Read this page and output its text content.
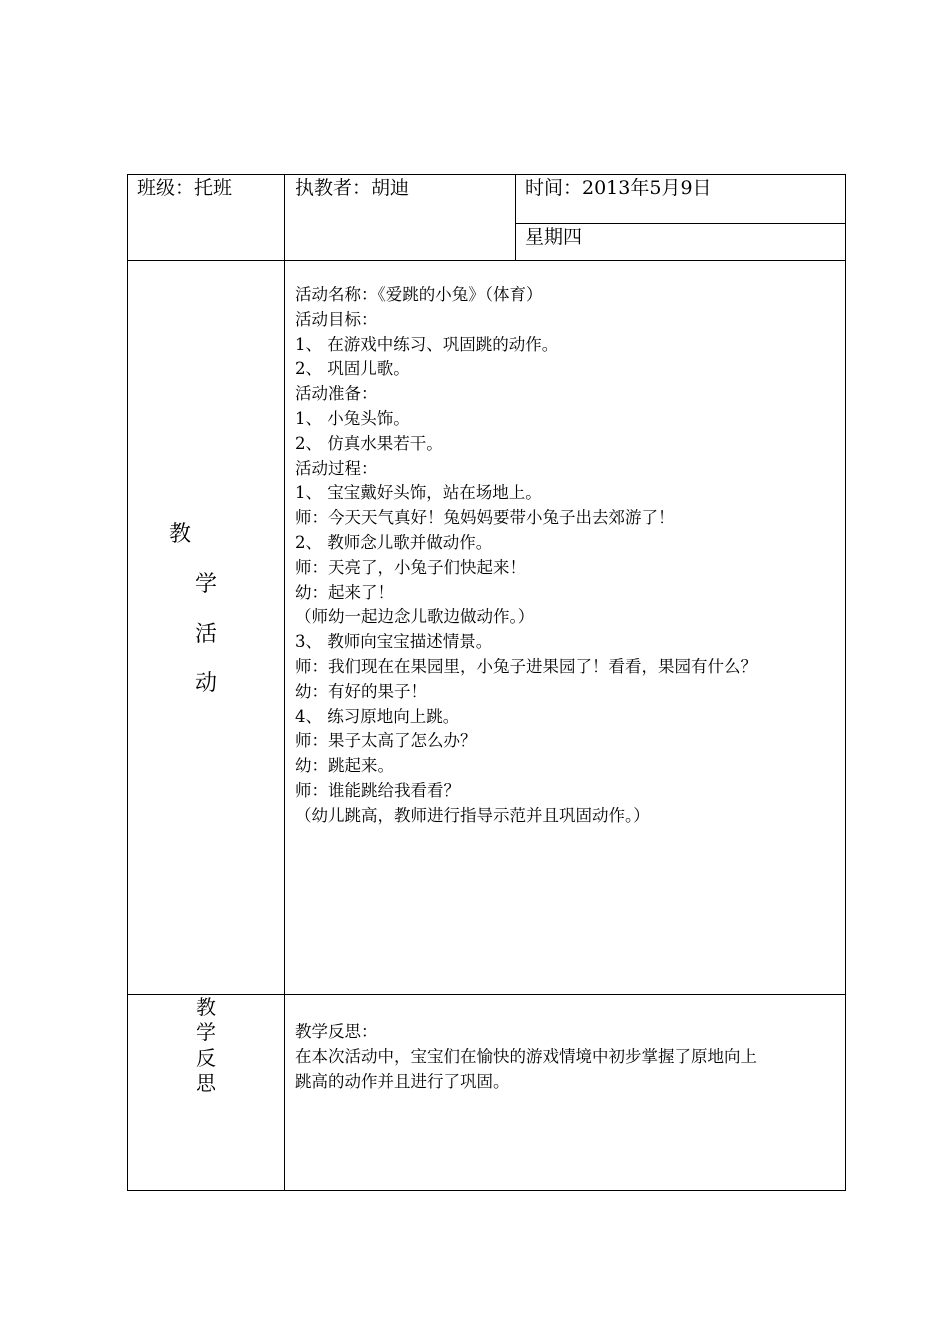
班级：托班	执教者：胡迪	时间：2013年5月9日
星期四
教
学
活
动
活动名称：《爱跳的小兔》（体育）
活动目标：
1、 在游戏中练习、巩固跳的动作。
2、 巩固儿歌。
活动准备：
1、 小兔头饰。
2、 仿真水果若干。
活动过程：
1、 宝宝戴好头饰，站在场地上。
师：今天天气真好！兔妈妈要带小兔子出去郊游了！
2、 教师念儿歌并做动作。
师：天亮了，小兔子们快起来！
幼：起来了！
（师幼一起边念儿歌边做动作。）
3、 教师向宝宝描述情景。
师：我们现在在果园里，小兔子进果园了！看看，果园有什么？
幼：有好的果子！
4、 练习原地向上跳。
师：果子太高了怎么办？
幼：跳起来。
师：谁能跳给我看看？
（幼儿跳高，教师进行指导示范并且巩固动作。）
教
学
反
思
教学反思：
在本次活动中，宝宝们在愉快的游戏情境中初步掌握了原地向上
跳高的动作并且进行了巩固。
